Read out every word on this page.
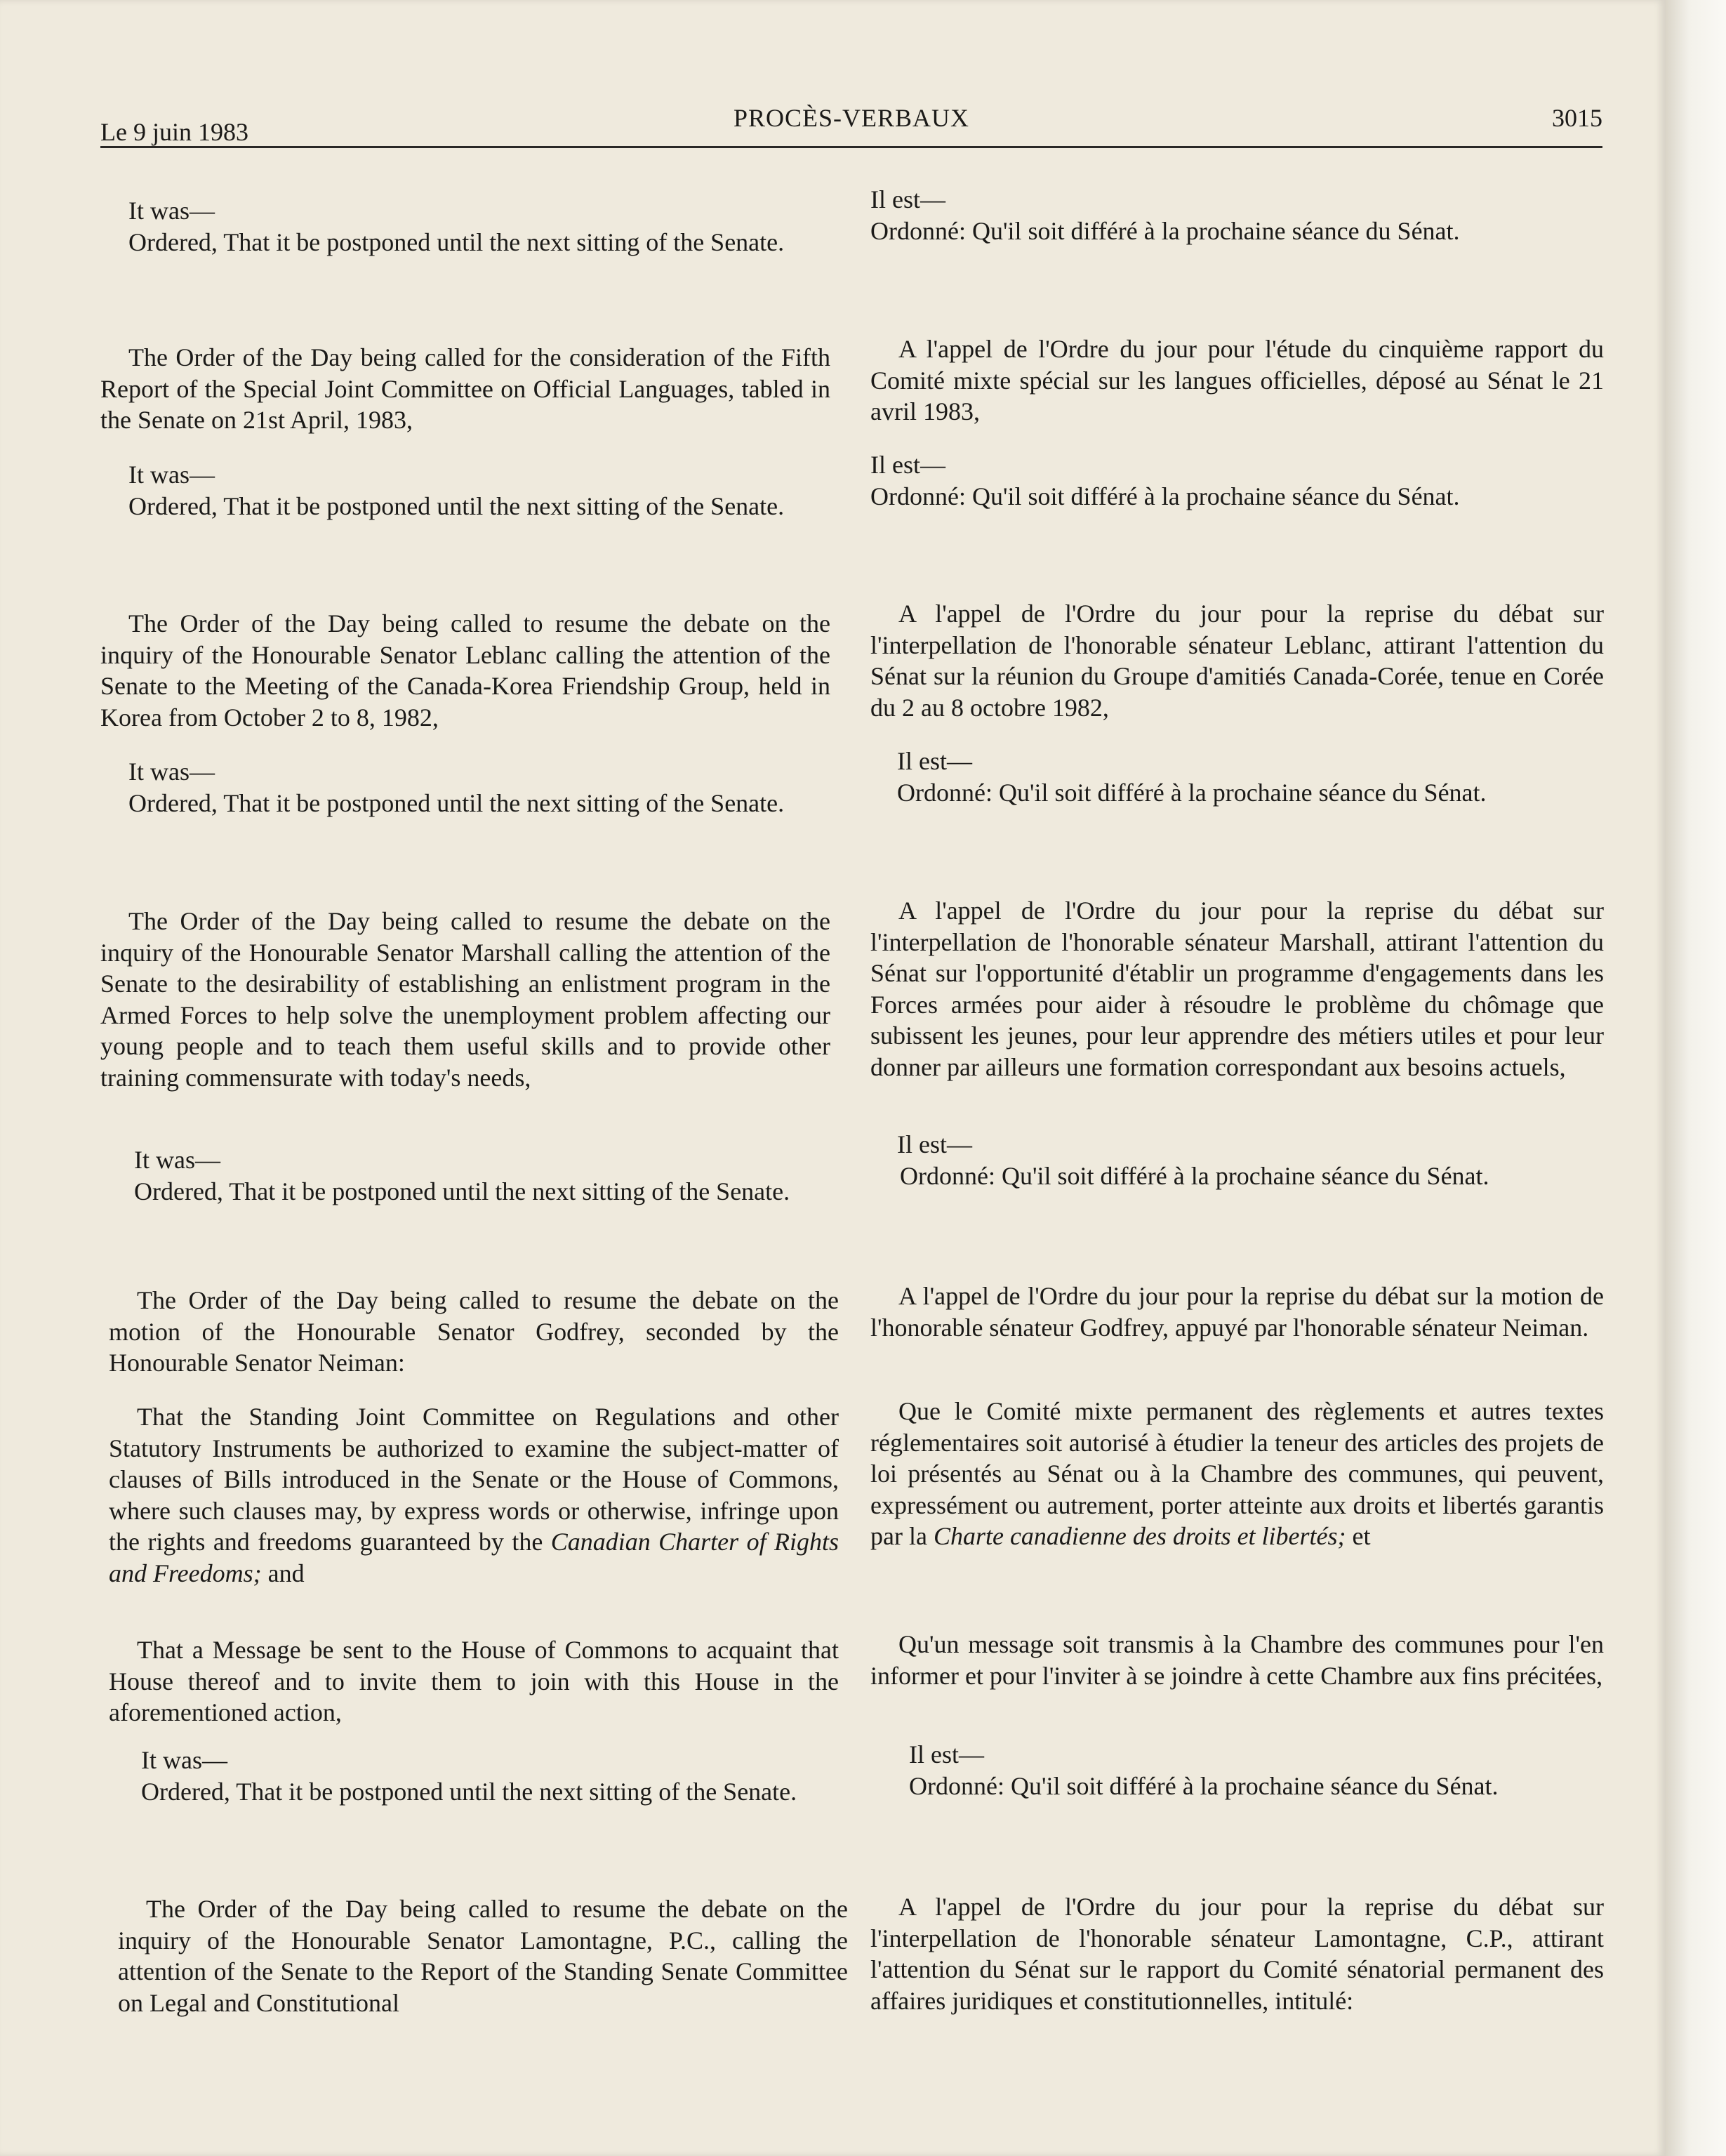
Le 9 juin 1983	PROCÈS-VERBAUX	3015

It was—

Ordered, That it be postponed until the next sitting of the Senate.

The Order of the Day being called for the consideration of the Fifth Report of the Special Joint Committee on Official Languages, tabled in the Senate on 21st April, 1983,

It was—

Ordered, That it be postponed until the next sitting of the Senate.

The Order of the Day being called to resume the debate on the inquiry of the Honourable Senator Leblanc calling the attention of the Senate to the Meeting of the Canada-Korea Friendship Group, held in Korea from October 2 to 8, 1982,

It was—

Ordered, That it be postponed until the next sitting of the Senate.

The Order of the Day being called to resume the debate on the inquiry of the Honourable Senator Marshall calling the attention of the Senate to the desirability of establishing an enlistment program in the Armed Forces to help solve the unemployment problem affecting our young people and to teach them useful skills and to provide other training commensurate with today's needs,

It was—

Ordered, That it be postponed until the next sitting of the Senate.

The Order of the Day being called to resume the debate on the motion of the Honourable Senator Godfrey, seconded by the Honourable Senator Neiman:

That the Standing Joint Committee on Regulations and other Statutory Instruments be authorized to examine the subject-matter of clauses of Bills introduced in the Senate or the House of Commons, where such clauses may, by express words or otherwise, infringe upon the rights and freedoms guaranteed by the Canadian Charter of Rights and Freedoms; and

That a Message be sent to the House of Commons to acquaint that House thereof and to invite them to join with this House in the aforementioned action,

It was—

Ordered, That it be postponed until the next sitting of the Senate.

The Order of the Day being called to resume the debate on the inquiry of the Honourable Senator Lamontagne, P.C., calling the attention of the Senate to the Report of the Standing Senate Committee on Legal and Constitutional

Il est—

Ordonné: Qu'il soit différé à la prochaine séance du Sénat.

A l'appel de l'Ordre du jour pour l'étude du cinquième rapport du Comité mixte spécial sur les langues officielles, déposé au Sénat le 21 avril 1983,

Il est—

Ordonné: Qu'il soit différé à la prochaine séance du Sénat.

A l'appel de l'Ordre du jour pour la reprise du débat sur l'interpellation de l'honorable sénateur Leblanc, attirant l'attention du Sénat sur la réunion du Groupe d'amitiés Canada-Corée, tenue en Corée du 2 au 8 octobre 1982,

Il est—

Ordonné: Qu'il soit différé à la prochaine séance du Sénat.

A l'appel de l'Ordre du jour pour la reprise du débat sur l'interpellation de l'honorable sénateur Marshall, attirant l'attention du Sénat sur l'opportunité d'établir un programme d'engagements dans les Forces armées pour aider à résoudre le problème du chômage que subissent les jeunes, pour leur apprendre des métiers utiles et pour leur donner par ailleurs une formation correspondant aux besoins actuels,

Il est—

Ordonné: Qu'il soit différé à la prochaine séance du Sénat.

A l'appel de l'Ordre du jour pour la reprise du débat sur la motion de l'honorable sénateur Godfrey, appuyé par l'honorable sénateur Neiman.

Que le Comité mixte permanent des règlements et autres textes réglementaires soit autorisé à étudier la teneur des articles des projets de loi présentés au Sénat ou à la Chambre des communes, qui peuvent, expressément ou autrement, porter atteinte aux droits et libertés garantis par la Charte canadienne des droits et libertés; et

Qu'un message soit transmis à la Chambre des communes pour l'en informer et pour l'inviter à se joindre à cette Chambre aux fins précitées,

Il est—

Ordonné: Qu'il soit différé à la prochaine séance du Sénat.

A l'appel de l'Ordre du jour pour la reprise du débat sur l'interpellation de l'honorable sénateur Lamontagne, C.P., attirant l'attention du Sénat sur le rapport du Comité sénatorial permanent des affaires juridiques et constitutionnelles, intitulé:
